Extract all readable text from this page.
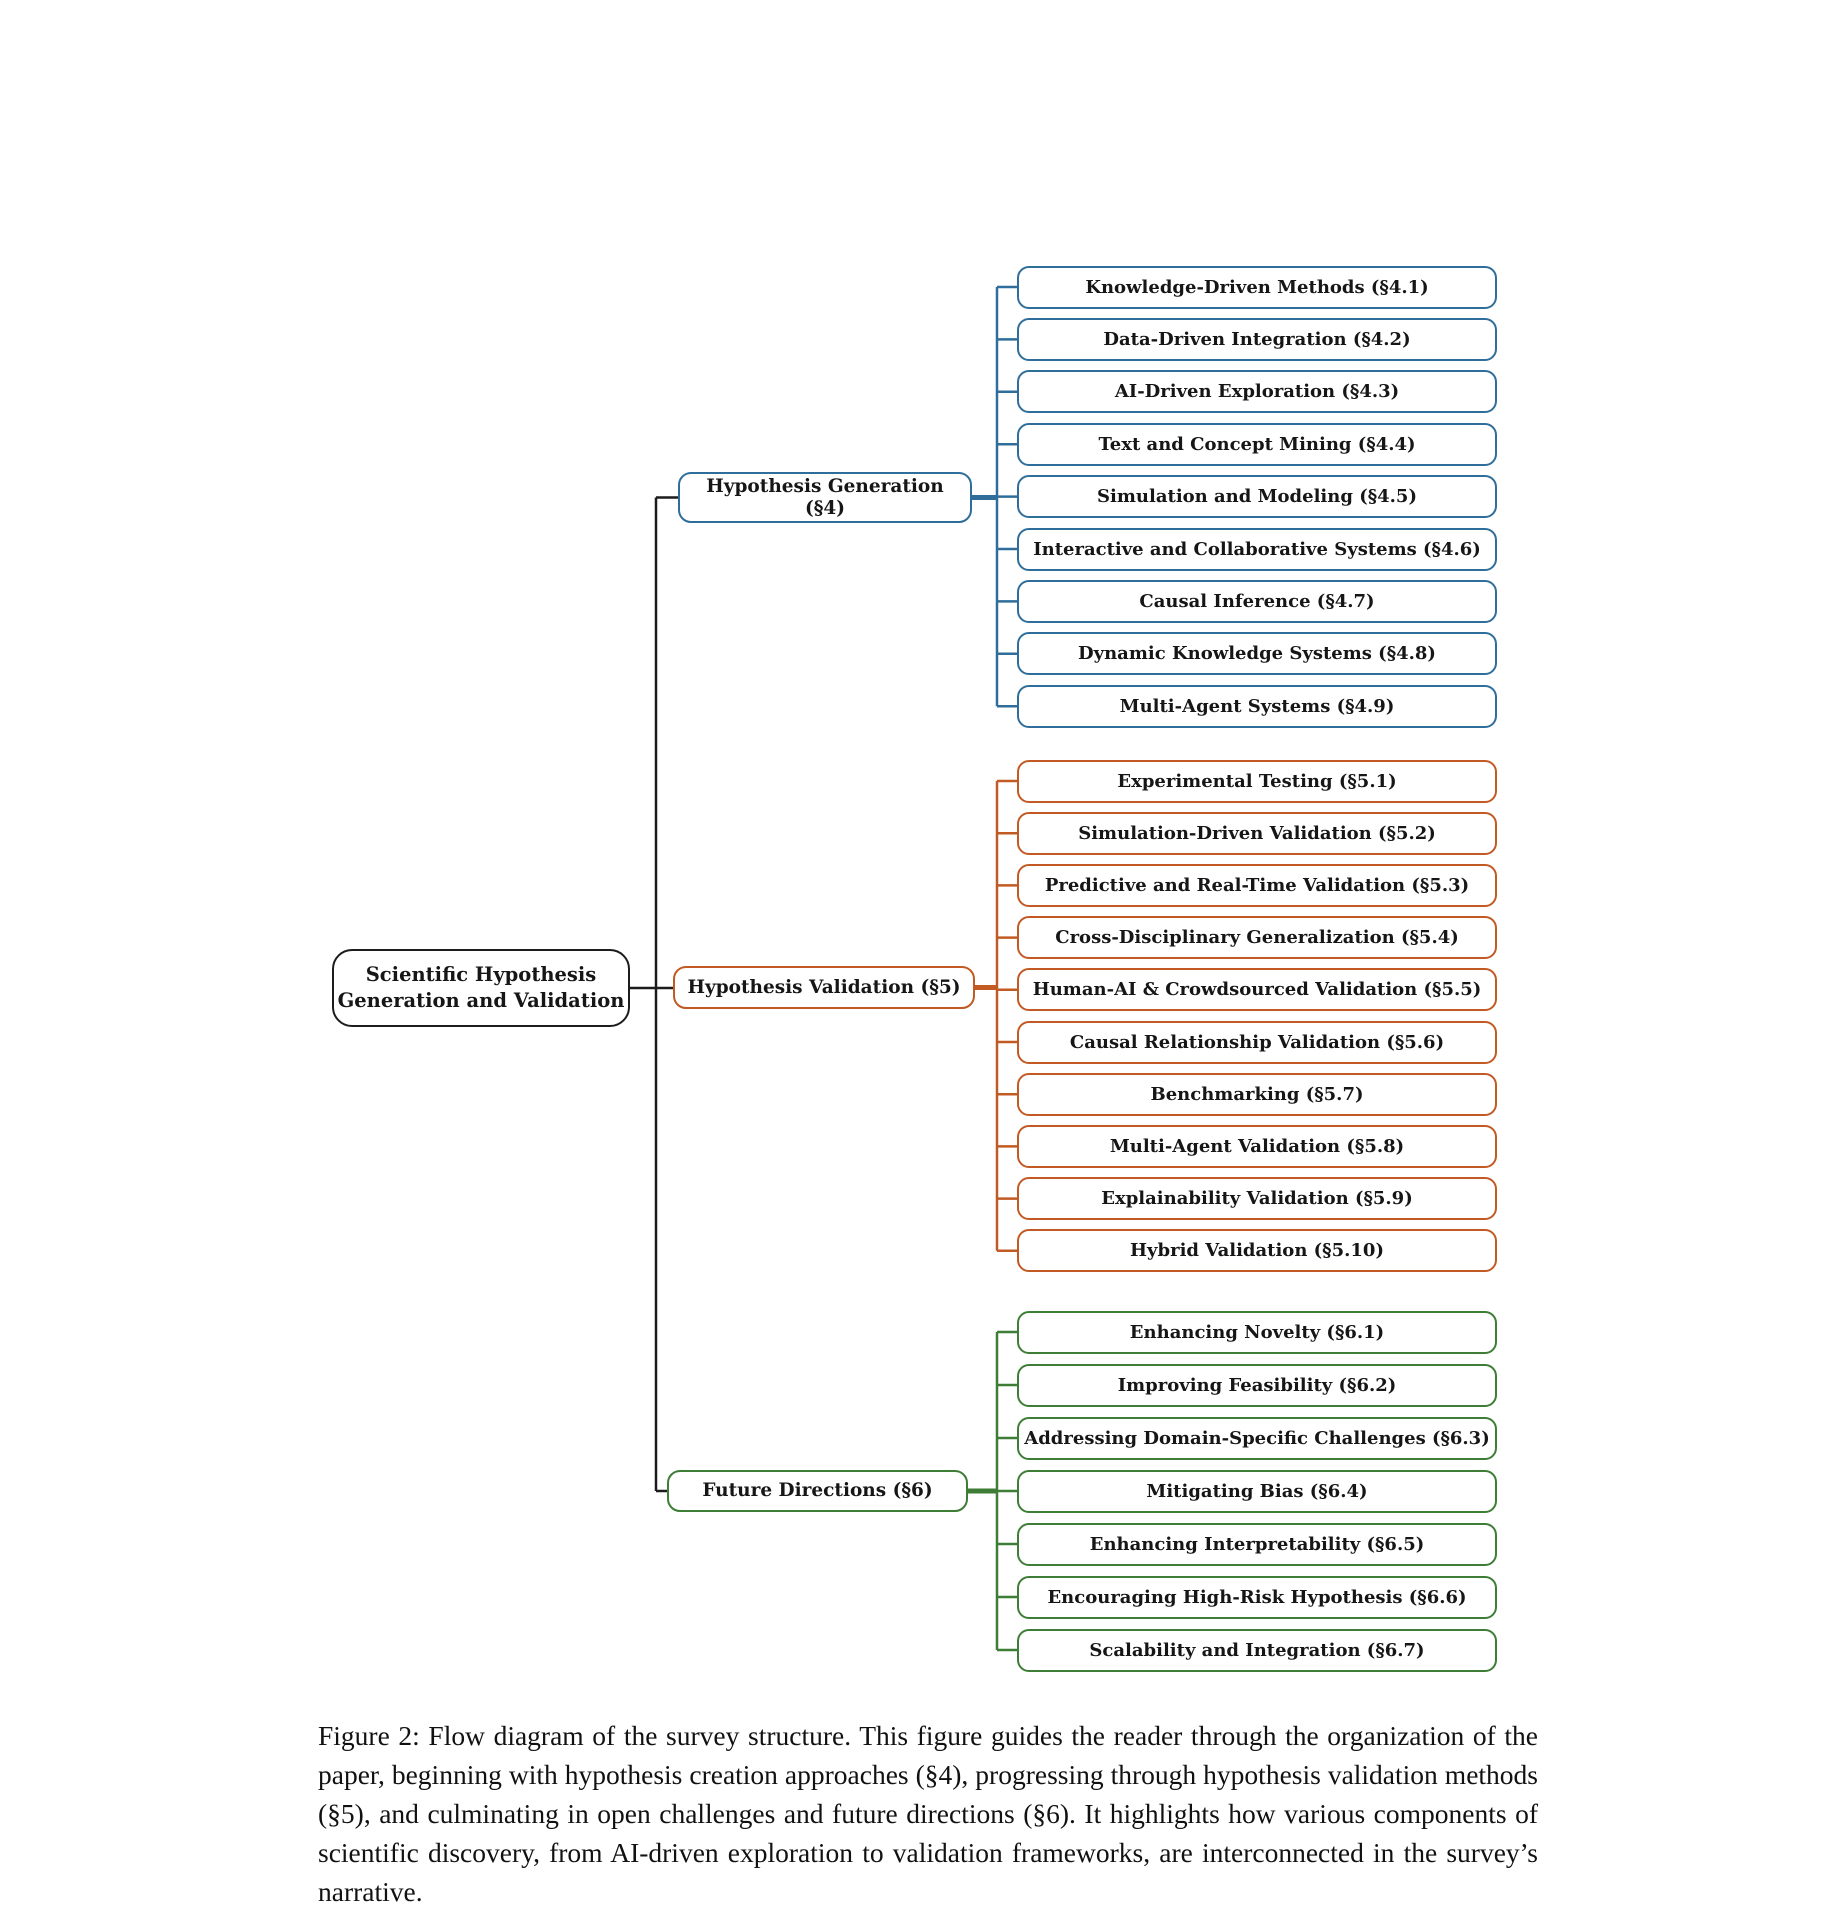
Scientific Hypothesis
Generation and Validation
Hypothesis Generation
(§4)
Hypothesis Validation (§5)
Future Directions (§6)

Figure 2: Flow diagram of the survey structure. This figure guides the reader through the organization of the paper, beginning with hypothesis creation approaches (§4), progressing through hypothesis validation methods (§5), and culminating in open challenges and future directions (§6). It highlights how various components of scientific discovery, from AI-driven exploration to validation frameworks, are interconnected in the survey’s narrative.

Knowledge-Driven Methods (§4.1)
Data-Driven Integration (§4.2)
AI-Driven Exploration (§4.3)
Text and Concept Mining (§4.4)
Simulation and Modeling (§4.5)
Interactive and Collaborative Systems (§4.6)
Causal Inference (§4.7)
Dynamic Knowledge Systems (§4.8)
Multi-Agent Systems (§4.9)
Experimental Testing (§5.1)
Simulation-Driven Validation (§5.2)
Predictive and Real-Time Validation (§5.3)
Cross-Disciplinary Generalization (§5.4)
Human-AI & Crowdsourced Validation (§5.5)
Causal Relationship Validation (§5.6)
Benchmarking (§5.7)
Multi-Agent Validation (§5.8)
Explainability Validation (§5.9)
Hybrid Validation (§5.10)
Enhancing Novelty (§6.1)
Improving Feasibility (§6.2)
Addressing Domain-Specific Challenges (§6.3)
Mitigating Bias (§6.4)
Enhancing Interpretability (§6.5)
Encouraging High-Risk Hypothesis (§6.6)
Scalability and Integration (§6.7)
